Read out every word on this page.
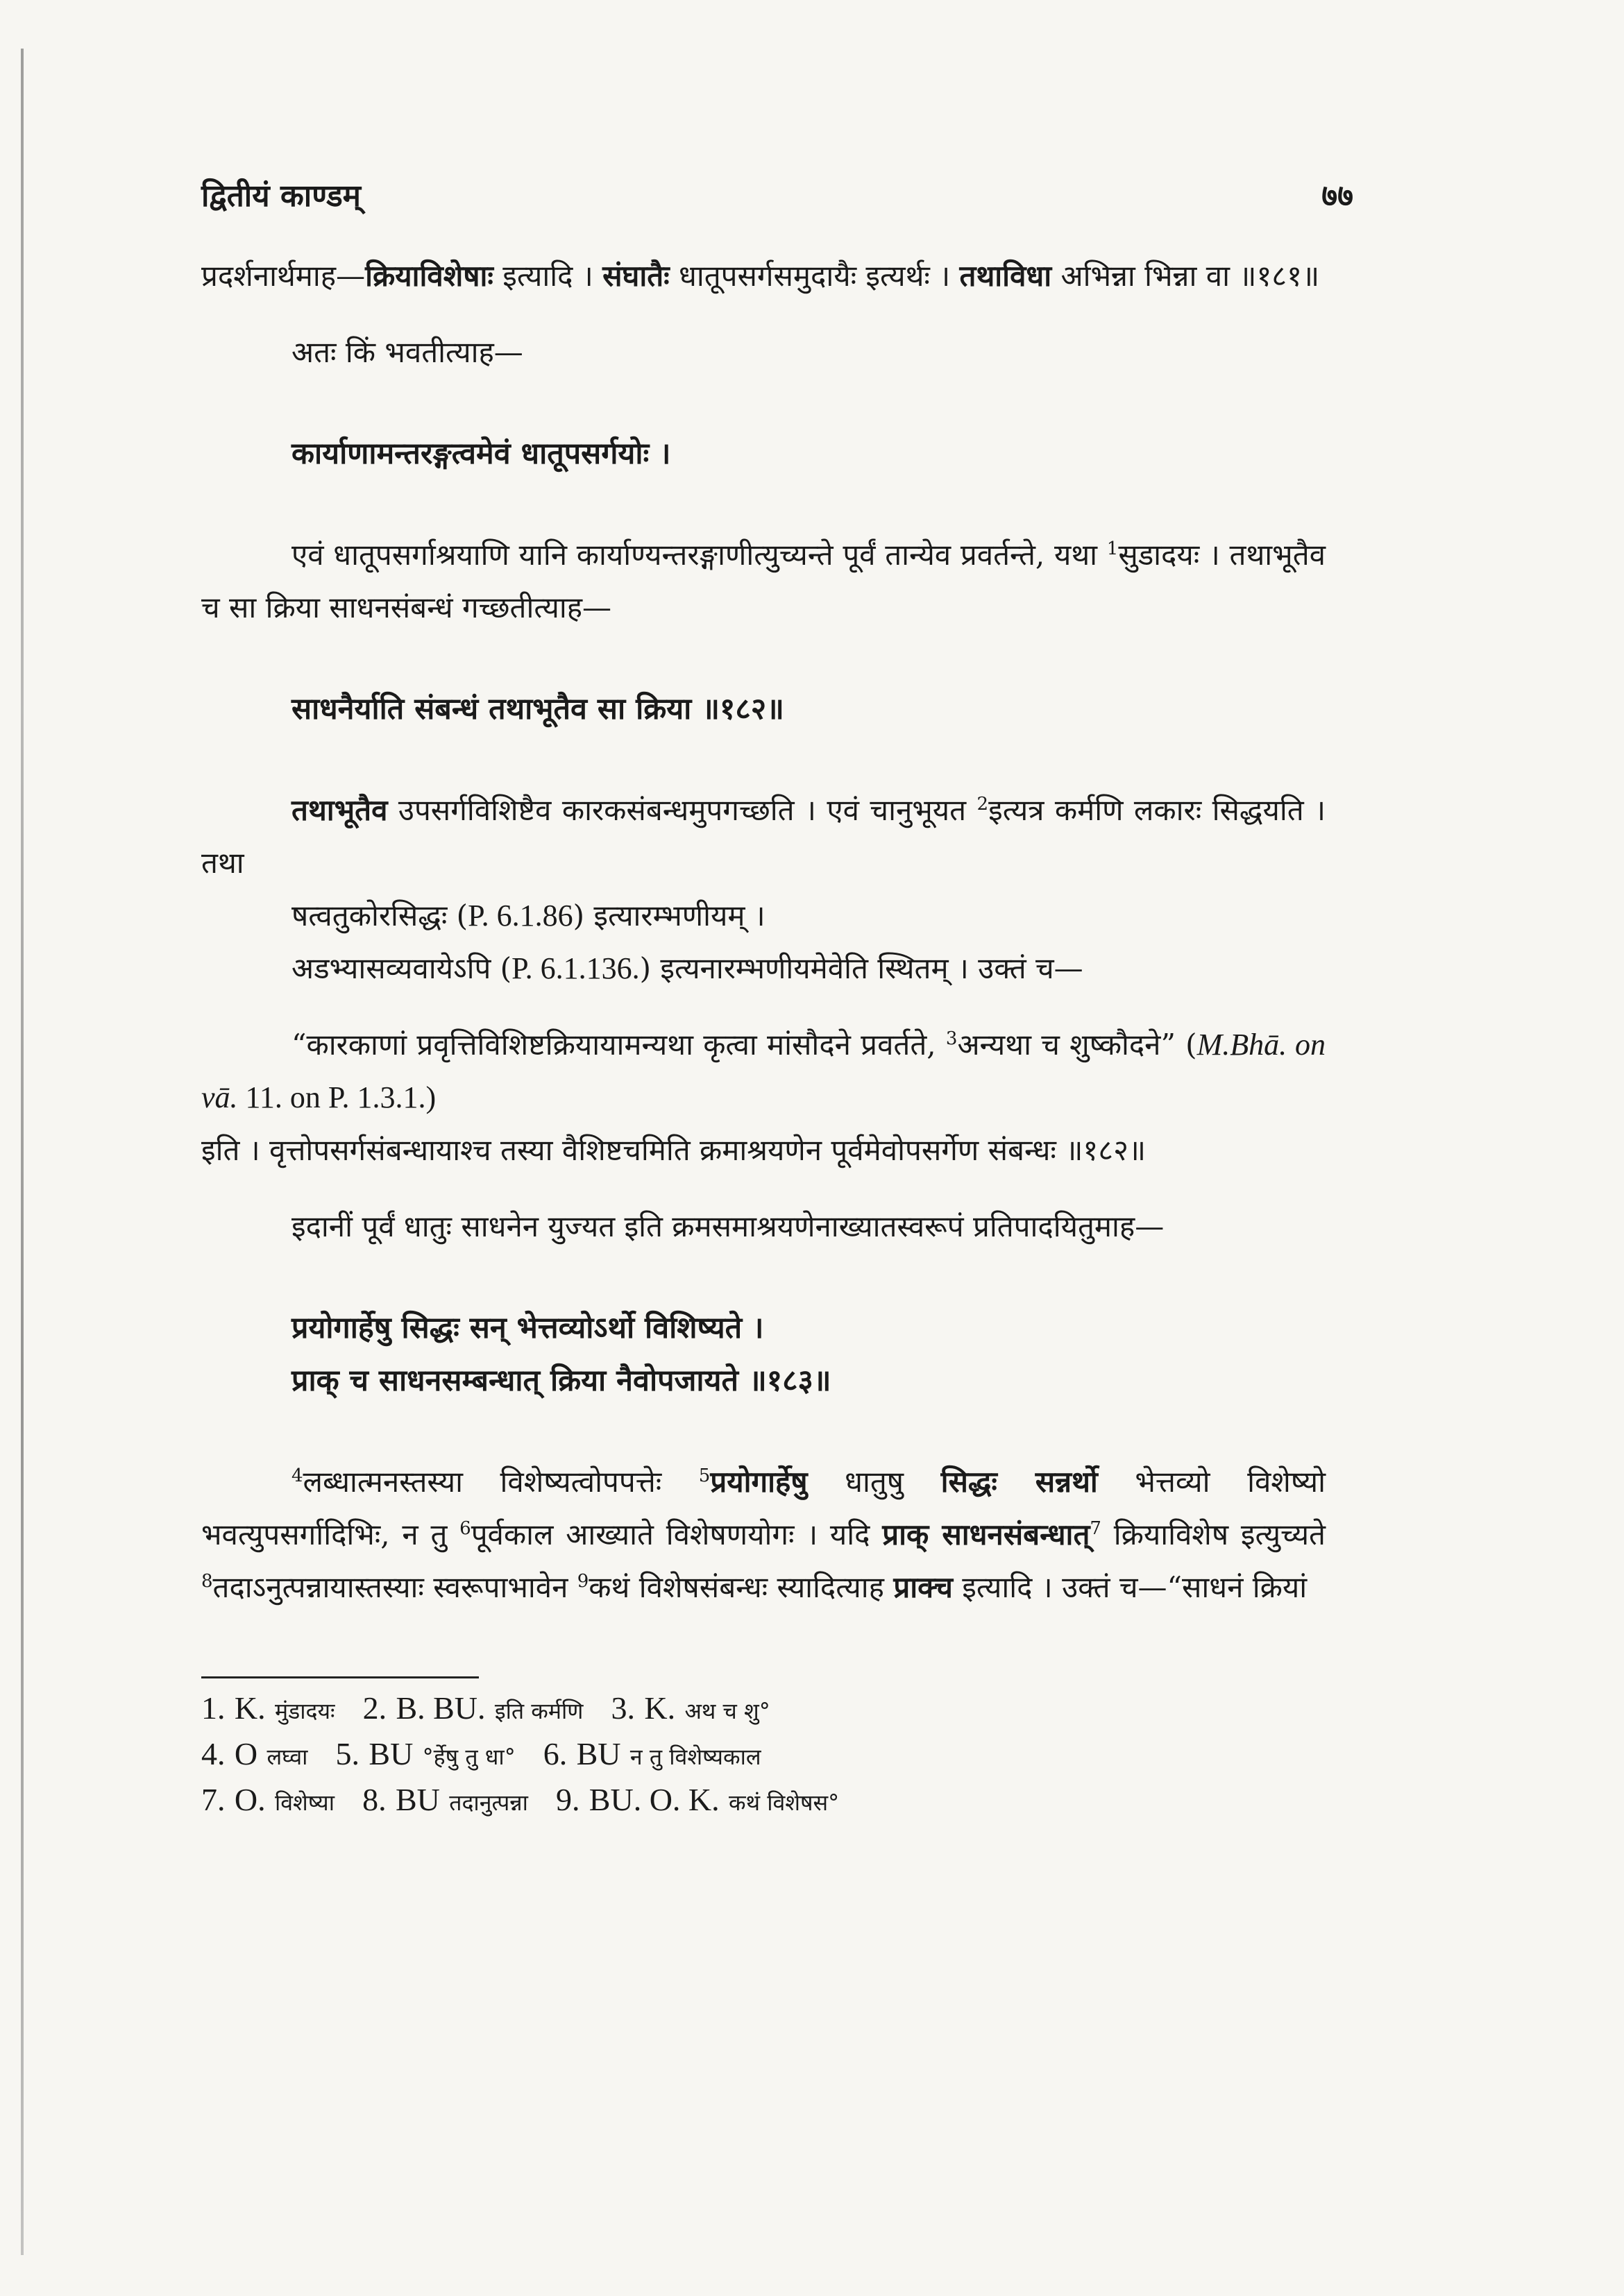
द्वितीयं काण्डम्	७७

प्रदर्शनार्थमाह—क्रियाविशेषाः इत्यादि । संघातैः धातूपसर्गसमुदायैः इत्यर्थः । तथाविधा अभिन्ना भिन्ना वा ॥१८१॥

अतः किं भवतीत्याह—

कार्याणामन्तरङ्गत्वमेवं धातूपसर्गयोः ।

एवं धातूपसर्गाश्रयाणि यानि कार्याण्यन्तरङ्गाणीत्युच्यन्ते पूर्वं तान्येव प्रवर्तन्ते, यथा $^1$सुडादयः । तथाभूतैव च सा क्रिया साधनसंबन्धं गच्छतीत्याह—

साधनैर्याति संबन्धं तथाभूतैव सा क्रिया ॥१८२॥

तथाभूतैव उपसर्गविशिष्टैव कारकसंबन्धमुपगच्छति । एवं चानुभूयत $^2$इत्यत्र कर्मणि लकारः सिद्धयति । तथा

षत्वतुकोरसिद्धः (P. 6.1.86) इत्यारम्भणीयम् ।

अडभ्यासव्यवायेऽपि (P. 6.1.136.) इत्यनारम्भणीयमेवेति स्थितम् । उक्तं च—

“कारकाणां प्रवृत्तिविशिष्टक्रियायामन्यथा कृत्वा मांसौदने प्रवर्तते, $^3$अन्यथा च शुष्कौदने” (M.Bhā. on vā. 11. on P. 1.3.1.)

इति । वृत्तोपसर्गसंबन्धायाश्च तस्या वैशिष्टचमिति क्रमाश्रयणेन पूर्वमेवोपसर्गेण संबन्धः ॥१८२॥

इदानीं पूर्वं धातुः साधनेन युज्यत इति क्रमसमाश्रयणेनाख्यातस्वरूपं प्रतिपादयितुमाह—

प्रयोगार्हेषु सिद्धः सन् भेत्तव्योऽर्थो विशिष्यते ।

प्राक् च साधनसम्बन्धात् क्रिया नैवोपजायते ॥१८३॥

$^4$लब्धात्मनस्तस्या विशेष्यत्वोपपत्तेः $^5$प्रयोगार्हेषु धातुषु सिद्धः सन्नर्थो भेत्तव्यो विशेष्यो भवत्युपसर्गादिभिः, न तु $^6$पूर्वकाल आख्याते विशेषणयोगः । यदि प्राक् साधनसंबन्धात्$^7$ क्रियाविशेष इत्युच्यते $^8$तदाऽनुत्पन्नायास्तस्याः स्वरूपाभावेन $^9$कथं विशेषसंबन्धः स्यादित्याह प्राक्च इत्यादि । उक्तं च—“साधनं क्रियां

1. K. मुंडादयः 2. B. BU. इति कर्मणि 3. K. अथ च शु°
4. O लघ्वा 5. BU °र्हेषु तु धा° 6. BU न तु विशेष्यकाल
7. O. विशेष्या 8. BU तदानुत्पन्ना 9. BU. O. K. कथं विशेषस°
